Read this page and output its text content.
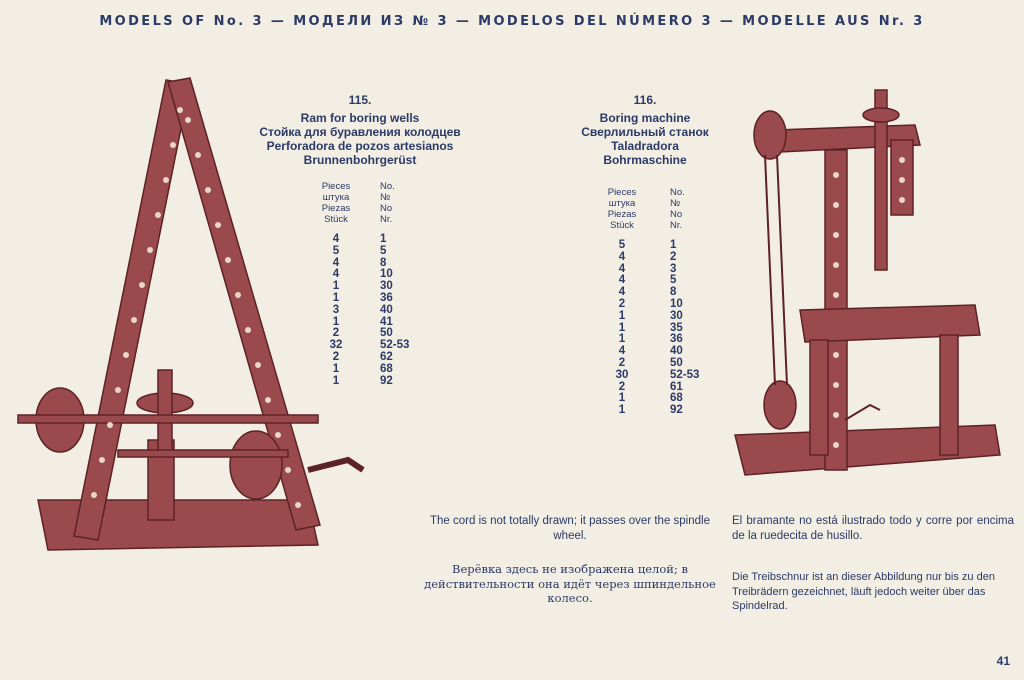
MODELS OF No. 3 — МОДЕЛИ ИЗ № 3 — MODELOS DEL NÚMERO 3 — MODELLE AUS Nr. 3
115.
Ram for boring wells
Стойка для буравления колодцев
Perforadora de pozos artesianos
Brunnenbohrgerüst
116.
Boring machine
Сверлильный станок
Taladradora
Bohrmaschine
Pieces
штука
Piezas
Stück
No.
№
No
Nr.
4	1
5	5
4	8
4	10
1	30
1	36
3	40
1	41
2	50
32	52-53
2	62
1	68
1	92
Pieces
штука
Piezas
Stück
No.
№
No
Nr.
5	1
4	2
4	3
4	5
4	8
2	10
1	30
1	35
1	36
4	40
2	50
30	52-53
2	61
1	68
1	92
The cord is not totally drawn; it passes over the spindle wheel.
Верёвка здесь не изображена целой; в действительности она идёт через шпиндельное колесо.
El bramante no está ilustrado todo y corre por encima de la ruedecita de husillo.
Die Treibschnur ist an dieser Abbildung nur bis zu den Treibrädern gezeichnet, läuft jedoch weiter über das Spindelrad.
41
